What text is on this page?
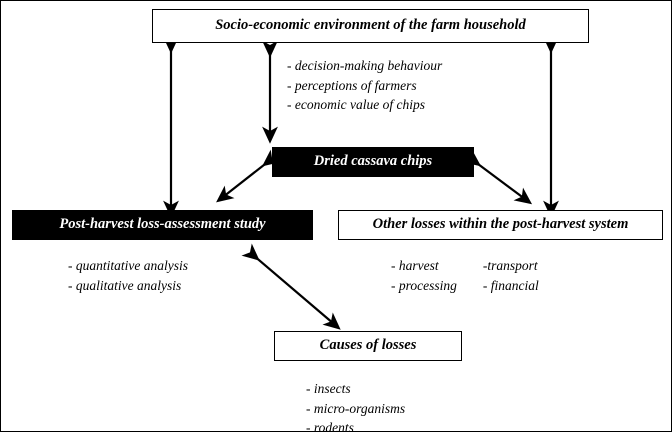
Socio-economic environment of the farm household
- decision-making behaviour
- perceptions of farmers
- economic value of chips
Dried cassava chips
Post-harvest loss-assessment study	Other losses within the post-harvest system
- quantitative analysis
- qualitative analysis
- harvest
- processing
-transport
- financial
Causes of losses
- insects
- micro-organisms
- rodents
